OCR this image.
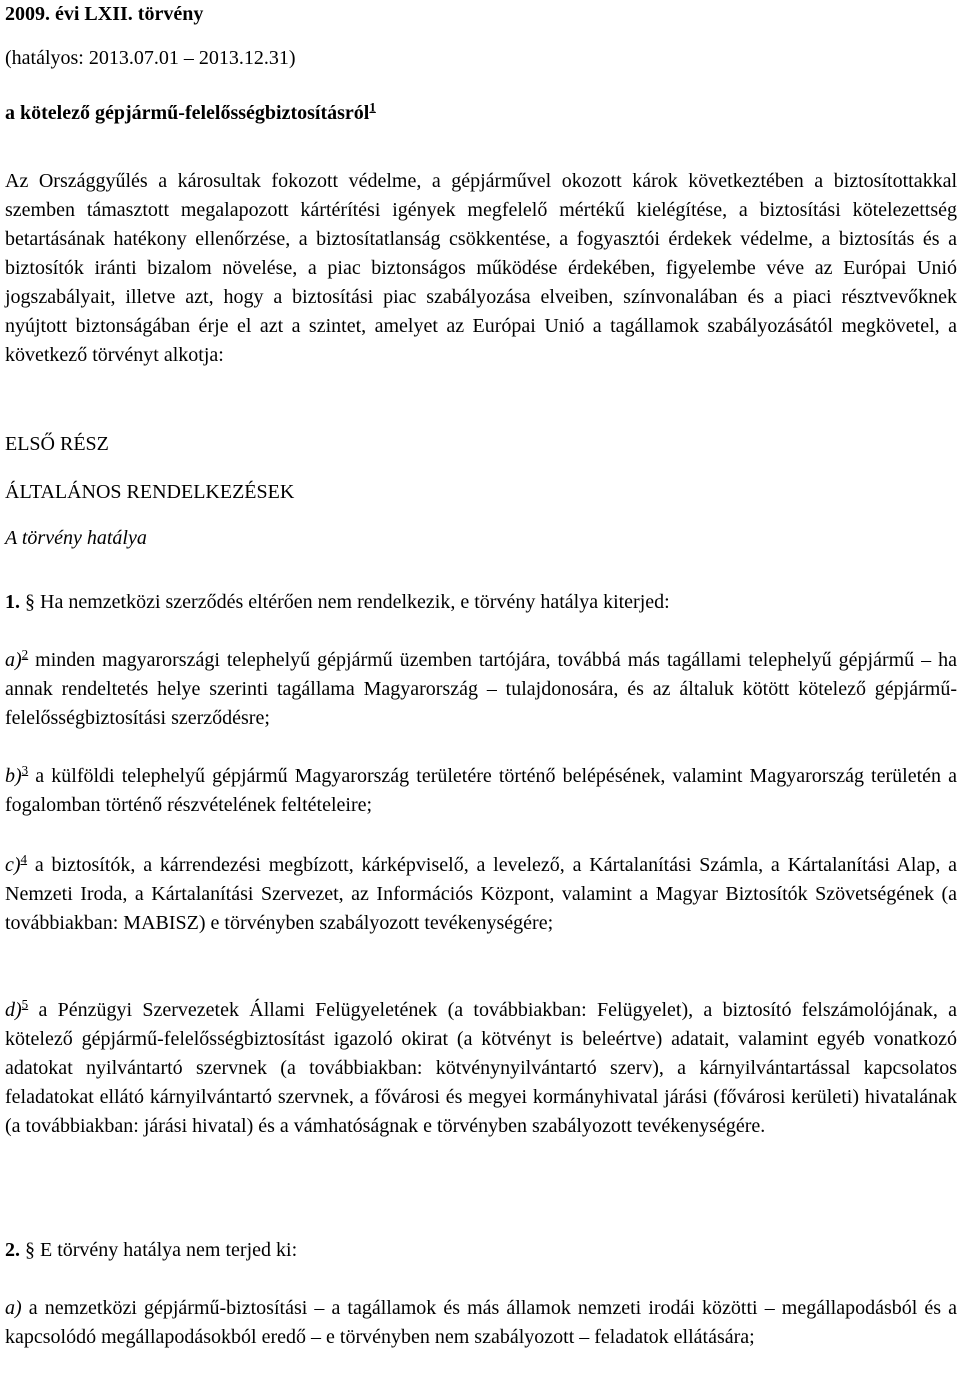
2009. évi LXII. törvény

(hatályos: 2013.07.01 – 2013.12.31)

a kötelező gépjármű-felelősségbiztosításról$^1$

Az Országgyűlés a károsultak fokozott védelme, a gépjárművel okozott károk következtében a biztosítottakkal szemben támasztott megalapozott kártérítési igények megfelelő mértékű kielégítése, a biztosítási kötelezettség betartásának hatékony ellenőrzése, a biztosítatlanság csökkentése, a fogyasztói érdekek védelme, a biztosítás és a biztosítók iránti bizalom növelése, a piac biztonságos működése érdekében, figyelembe véve az Európai Unió jogszabályait, illetve azt, hogy a biztosítási piac szabályozása elveiben, színvonalában és a piaci résztvevőknek nyújtott biztonságában érje el azt a szintet, amelyet az Európai Unió a tagállamok szabályozásától megkövetel, a következő törvényt alkotja:

ELSŐ RÉSZ

ÁLTALÁNOS RENDELKEZÉSEK

A törvény hatálya

1. § Ha nemzetközi szerződés eltérően nem rendelkezik, e törvény hatálya kiterjed:

a)$^2$ minden magyarországi telephelyű gépjármű üzemben tartójára, továbbá más tagállami telephelyű gépjármű – ha annak rendeltetés helye szerinti tagállama Magyarország – tulajdonosára, és az általuk kötött kötelező gépjármű-felelősségbiztosítási szerződésre;

b)$^3$ a külföldi telephelyű gépjármű Magyarország területére történő belépésének, valamint Magyarország területén a fogalomban történő részvételének feltételeire;

c)$^4$ a biztosítók, a kárrendezési megbízott, kárképviselő, a levelező, a Kártalanítási Számla, a Kártalanítási Alap, a Nemzeti Iroda, a Kártalanítási Szervezet, az Információs Központ, valamint a Magyar Biztosítók Szövetségének (a továbbiakban: MABISZ) e törvényben szabályozott tevékenységére;

d)$^5$ a Pénzügyi Szervezetek Állami Felügyeletének (a továbbiakban: Felügyelet), a biztosító felszámolójának, a kötelező gépjármű-felelősségbiztosítást igazoló okirat (a kötvényt is beleértve) adatait, valamint egyéb vonatkozó adatokat nyilvántartó szervnek (a továbbiakban: kötvénynyilvántartó szerv), a kárnyilvántartással kapcsolatos feladatokat ellátó kárnyilvántartó szervnek, a fővárosi és megyei kormányhivatal járási (fővárosi kerületi) hivatalának (a továbbiakban: járási hivatal) és a vámhatóságnak e törvényben szabályozott tevékenységére.

2. § E törvény hatálya nem terjed ki:

a) a nemzetközi gépjármű-biztosítási – a tagállamok és más államok nemzeti irodái közötti – megállapodásból és a kapcsolódó megállapodásokból eredő – e törvényben nem szabályozott – feladatok ellátására;
